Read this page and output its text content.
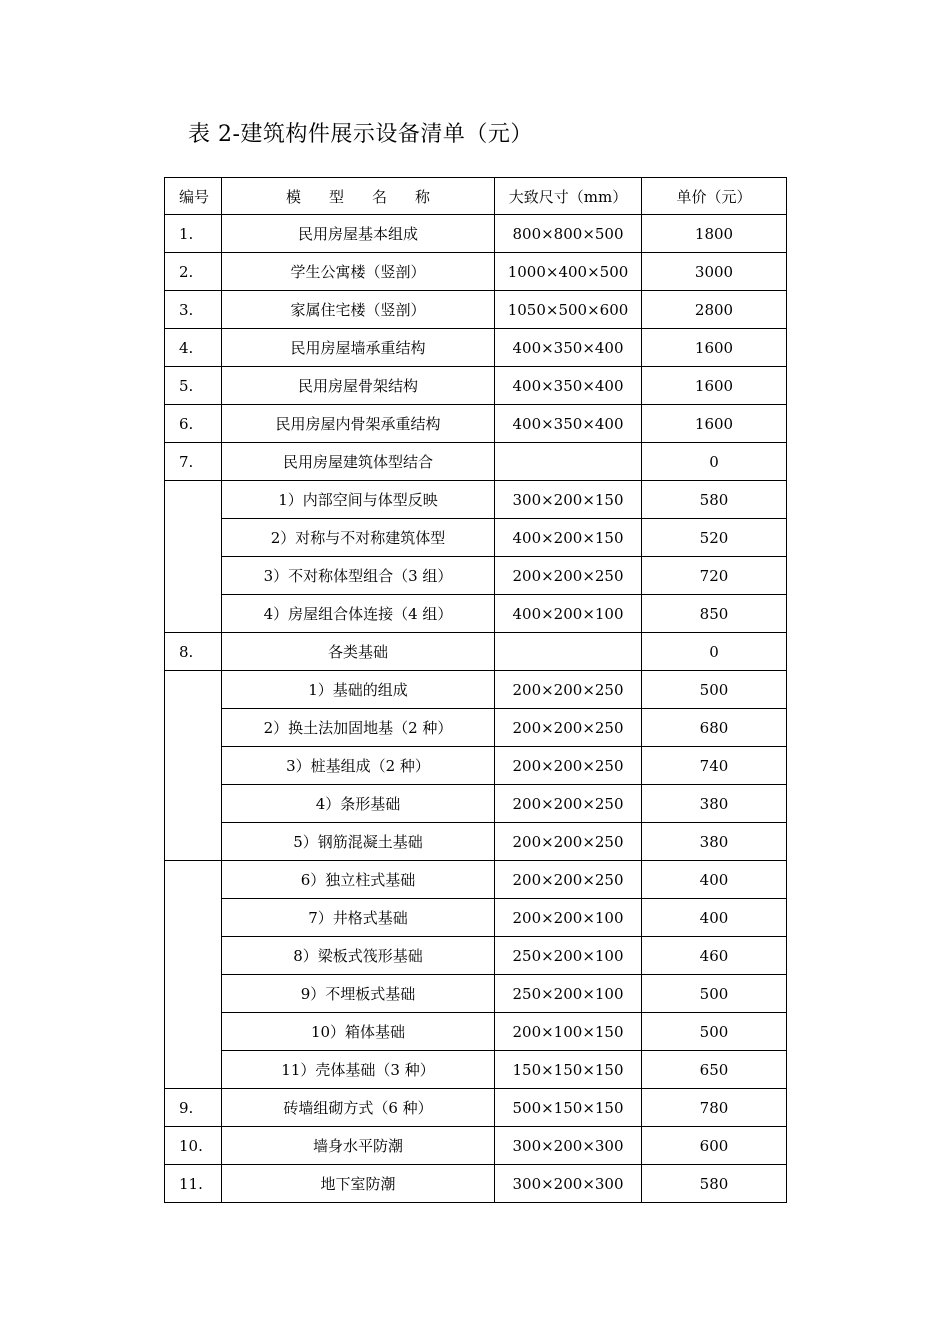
表 2-建筑构件展示设备清单（元）
编号	模 型 名 称	大致尺寸（mm）	单价（元）
1.	民用房屋基本组成	800×800×500	1800
2.	学生公寓楼（竖剖）	1000×400×500	3000
3.	家属住宅楼（竖剖）	1050×500×600	2800
4.	民用房屋墙承重结构	400×350×400	1600
5.	民用房屋骨架结构	400×350×400	1600
6.	民用房屋内骨架承重结构	400×350×400	1600
7.	民用房屋建筑体型结合		0
	1）内部空间与体型反映	300×200×150	580
	2）对称与不对称建筑体型	400×200×150	520
	3）不对称体型组合（3 组）	200×200×250	720
	4）房屋组合体连接（4 组）	400×200×100	850
8.	各类基础		0
	1）基础的组成	200×200×250	500
	2）换土法加固地基（2 种）	200×200×250	680
	3）桩基组成（2 种）	200×200×250	740
	4）条形基础	200×200×250	380
	5）钢筋混凝土基础	200×200×250	380
	6）独立柱式基础	200×200×250	400
	7）井格式基础	200×200×100	400
	8）梁板式筏形基础	250×200×100	460
	9）不埋板式基础	250×200×100	500
	10）箱体基础	200×100×150	500
	11）壳体基础（3 种）	150×150×150	650
9.	砖墙组砌方式（6 种）	500×150×150	780
10.	墙身水平防潮	300×200×300	600
11.	地下室防潮	300×200×300	580
